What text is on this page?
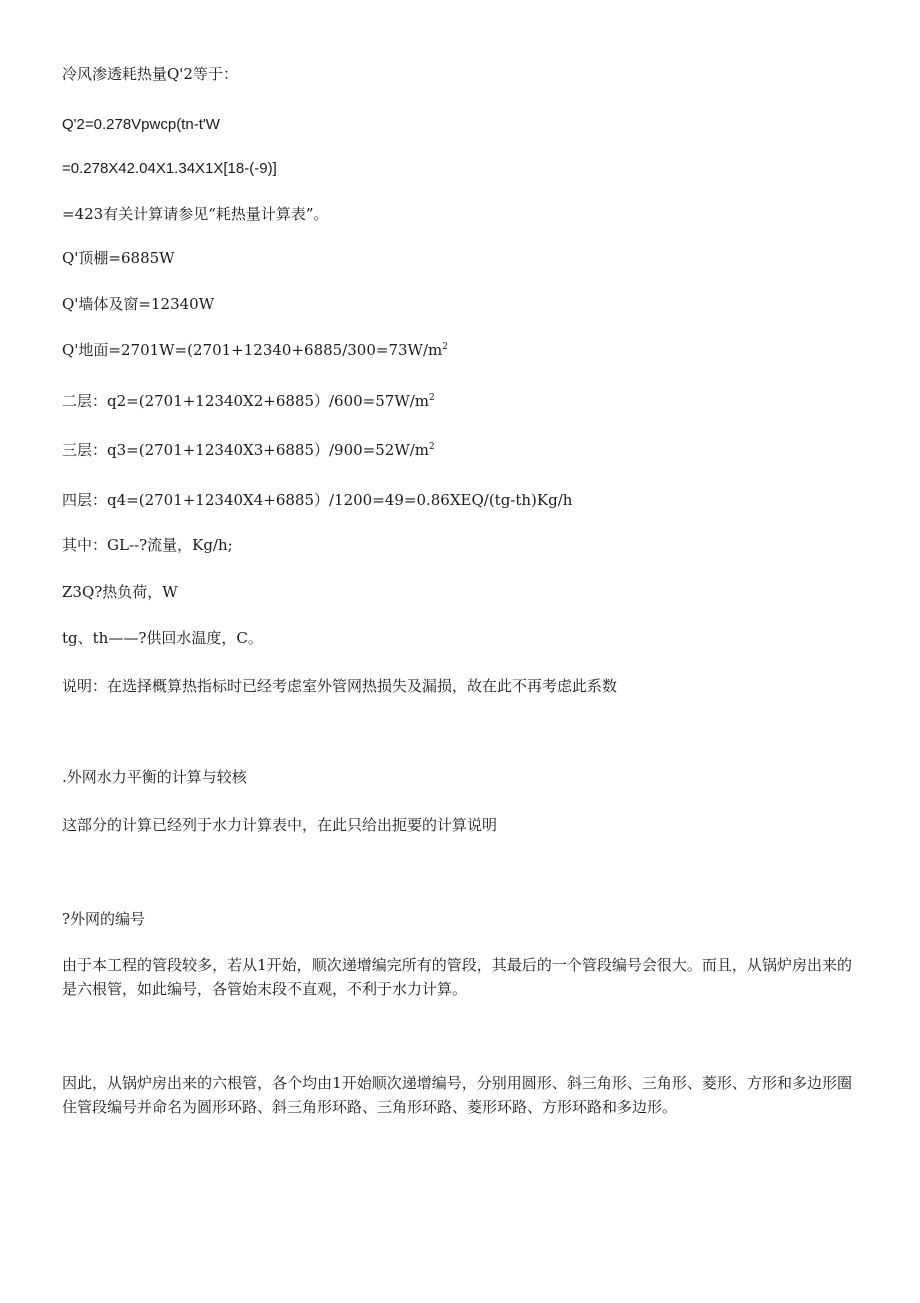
冷风渗透耗热量Q'2等于：
Q'2=0.278Vpwcp(tn-t'W
=0.278X42.04X1.34X1X[18-(-9)]
=423有关计算请参见“耗热量计算表”。
Q'顶棚=6885W
Q'墙体及窗=12340W
Q'地面$=2701W=(2701+12340+6885/300=73W/m^2$
二层：$q2=(2701+12340X2+6885)/600=57W/m^2$
三层：$q3=(2701+12340X3+6885)/900=52W/m^2$
四层：q4=(2701+12340X4+6885）/1200=49=0.86XEQ/(tg-th)Kg/h
其中：GL--?流量，Kg/h;
Z3Q?热负荷，W
tg、th——?供回水温度，C。
说明：在选择概算热指标时已经考虑室外管网热损失及漏损，故在此不再考虑此系数
.外网水力平衡的计算与较核
这部分的计算已经列于水力计算表中，在此只给出扼要的计算说明
?外网的编号
由于本工程的管段较多，若从1开始，顺次递增编完所有的管段，其最后的一个管段编号会很大。而且，从锅炉房出来的是六根管，如此编号，各管始末段不直观，不利于水力计算。
因此，从锅炉房出来的六根管，各个均由1开始顺次递增编号，分别用圆形、斜三角形、三角形、菱形、方形和多边形圈住管段编号并命名为圆形环路、斜三角形环路、三角形环路、菱形环路、方形环路和多边形。
